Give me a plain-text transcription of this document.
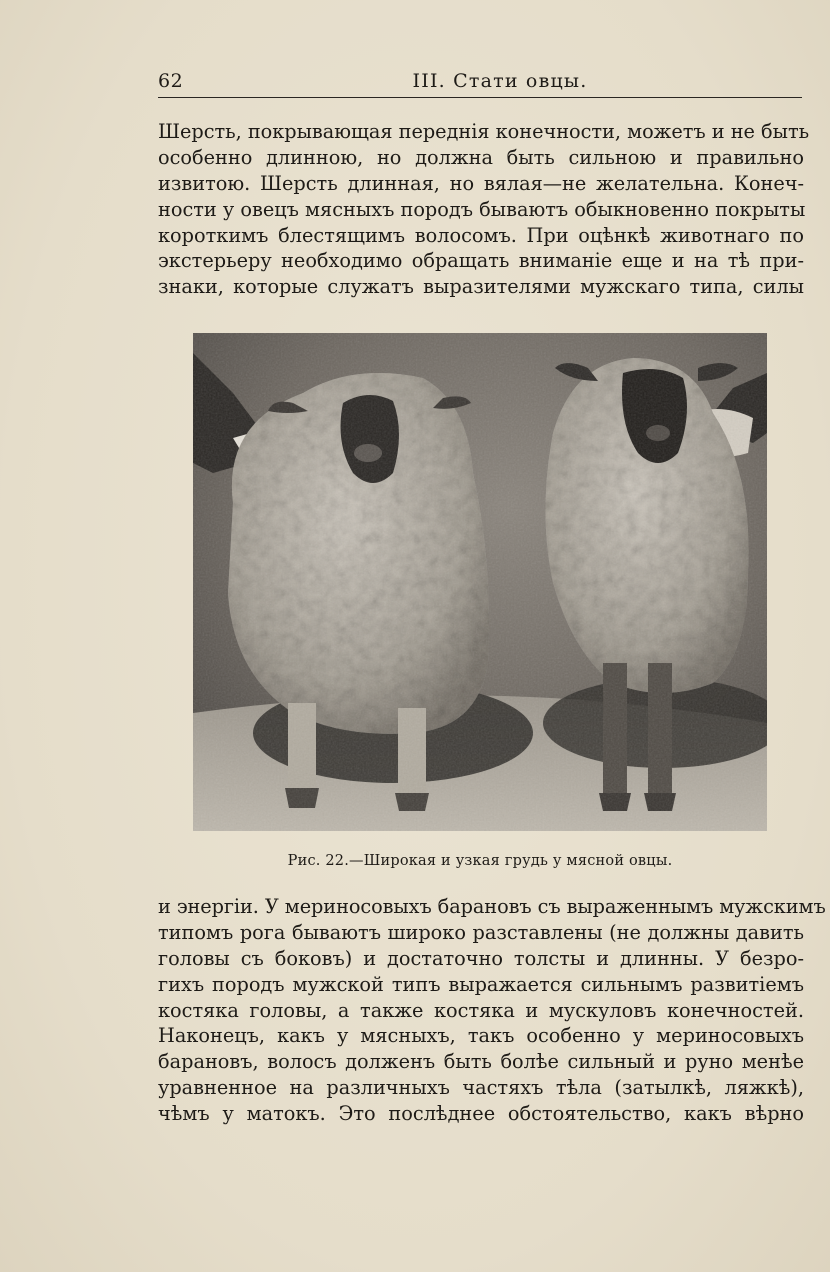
62	III. Стати овцы.
Шерсть, покрывающая переднія конечности, можетъ и не быть
особенно длинною, но должна быть сильною и правильно
извитою. Шерсть длинная, но вялая—не желательна. Конеч-
ности у овецъ мясныхъ породъ бываютъ обыкновенно покрыты
короткимъ блестящимъ волосомъ. При оцѣнкѣ животнаго по
экстерьеру необходимо обращать вниманіе еще и на тѣ при-
знаки, которые служатъ выразителями мужскаго типа, силы
Рис. 22.—Широкая и узкая грудь у мясной овцы.
и энергіи. У мериносовыхъ барановъ съ выраженнымъ мужскимъ
типомъ рога бываютъ широко разставлены (не должны давить
головы съ боковъ) и достаточно толсты и длинны. У безро-
гихъ породъ мужской типъ выражается сильнымъ развитіемъ
костяка головы, а также костяка и мускуловъ конечностей.
Наконецъ, какъ у мясныхъ, такъ особенно у мериносовыхъ
барановъ, волосъ долженъ быть болѣе сильный и руно менѣе
уравненное на различныхъ частяхъ тѣла (затылкѣ, ляжкѣ),
чѣмъ у матокъ. Это послѣднее обстоятельство, какъ вѣрно
